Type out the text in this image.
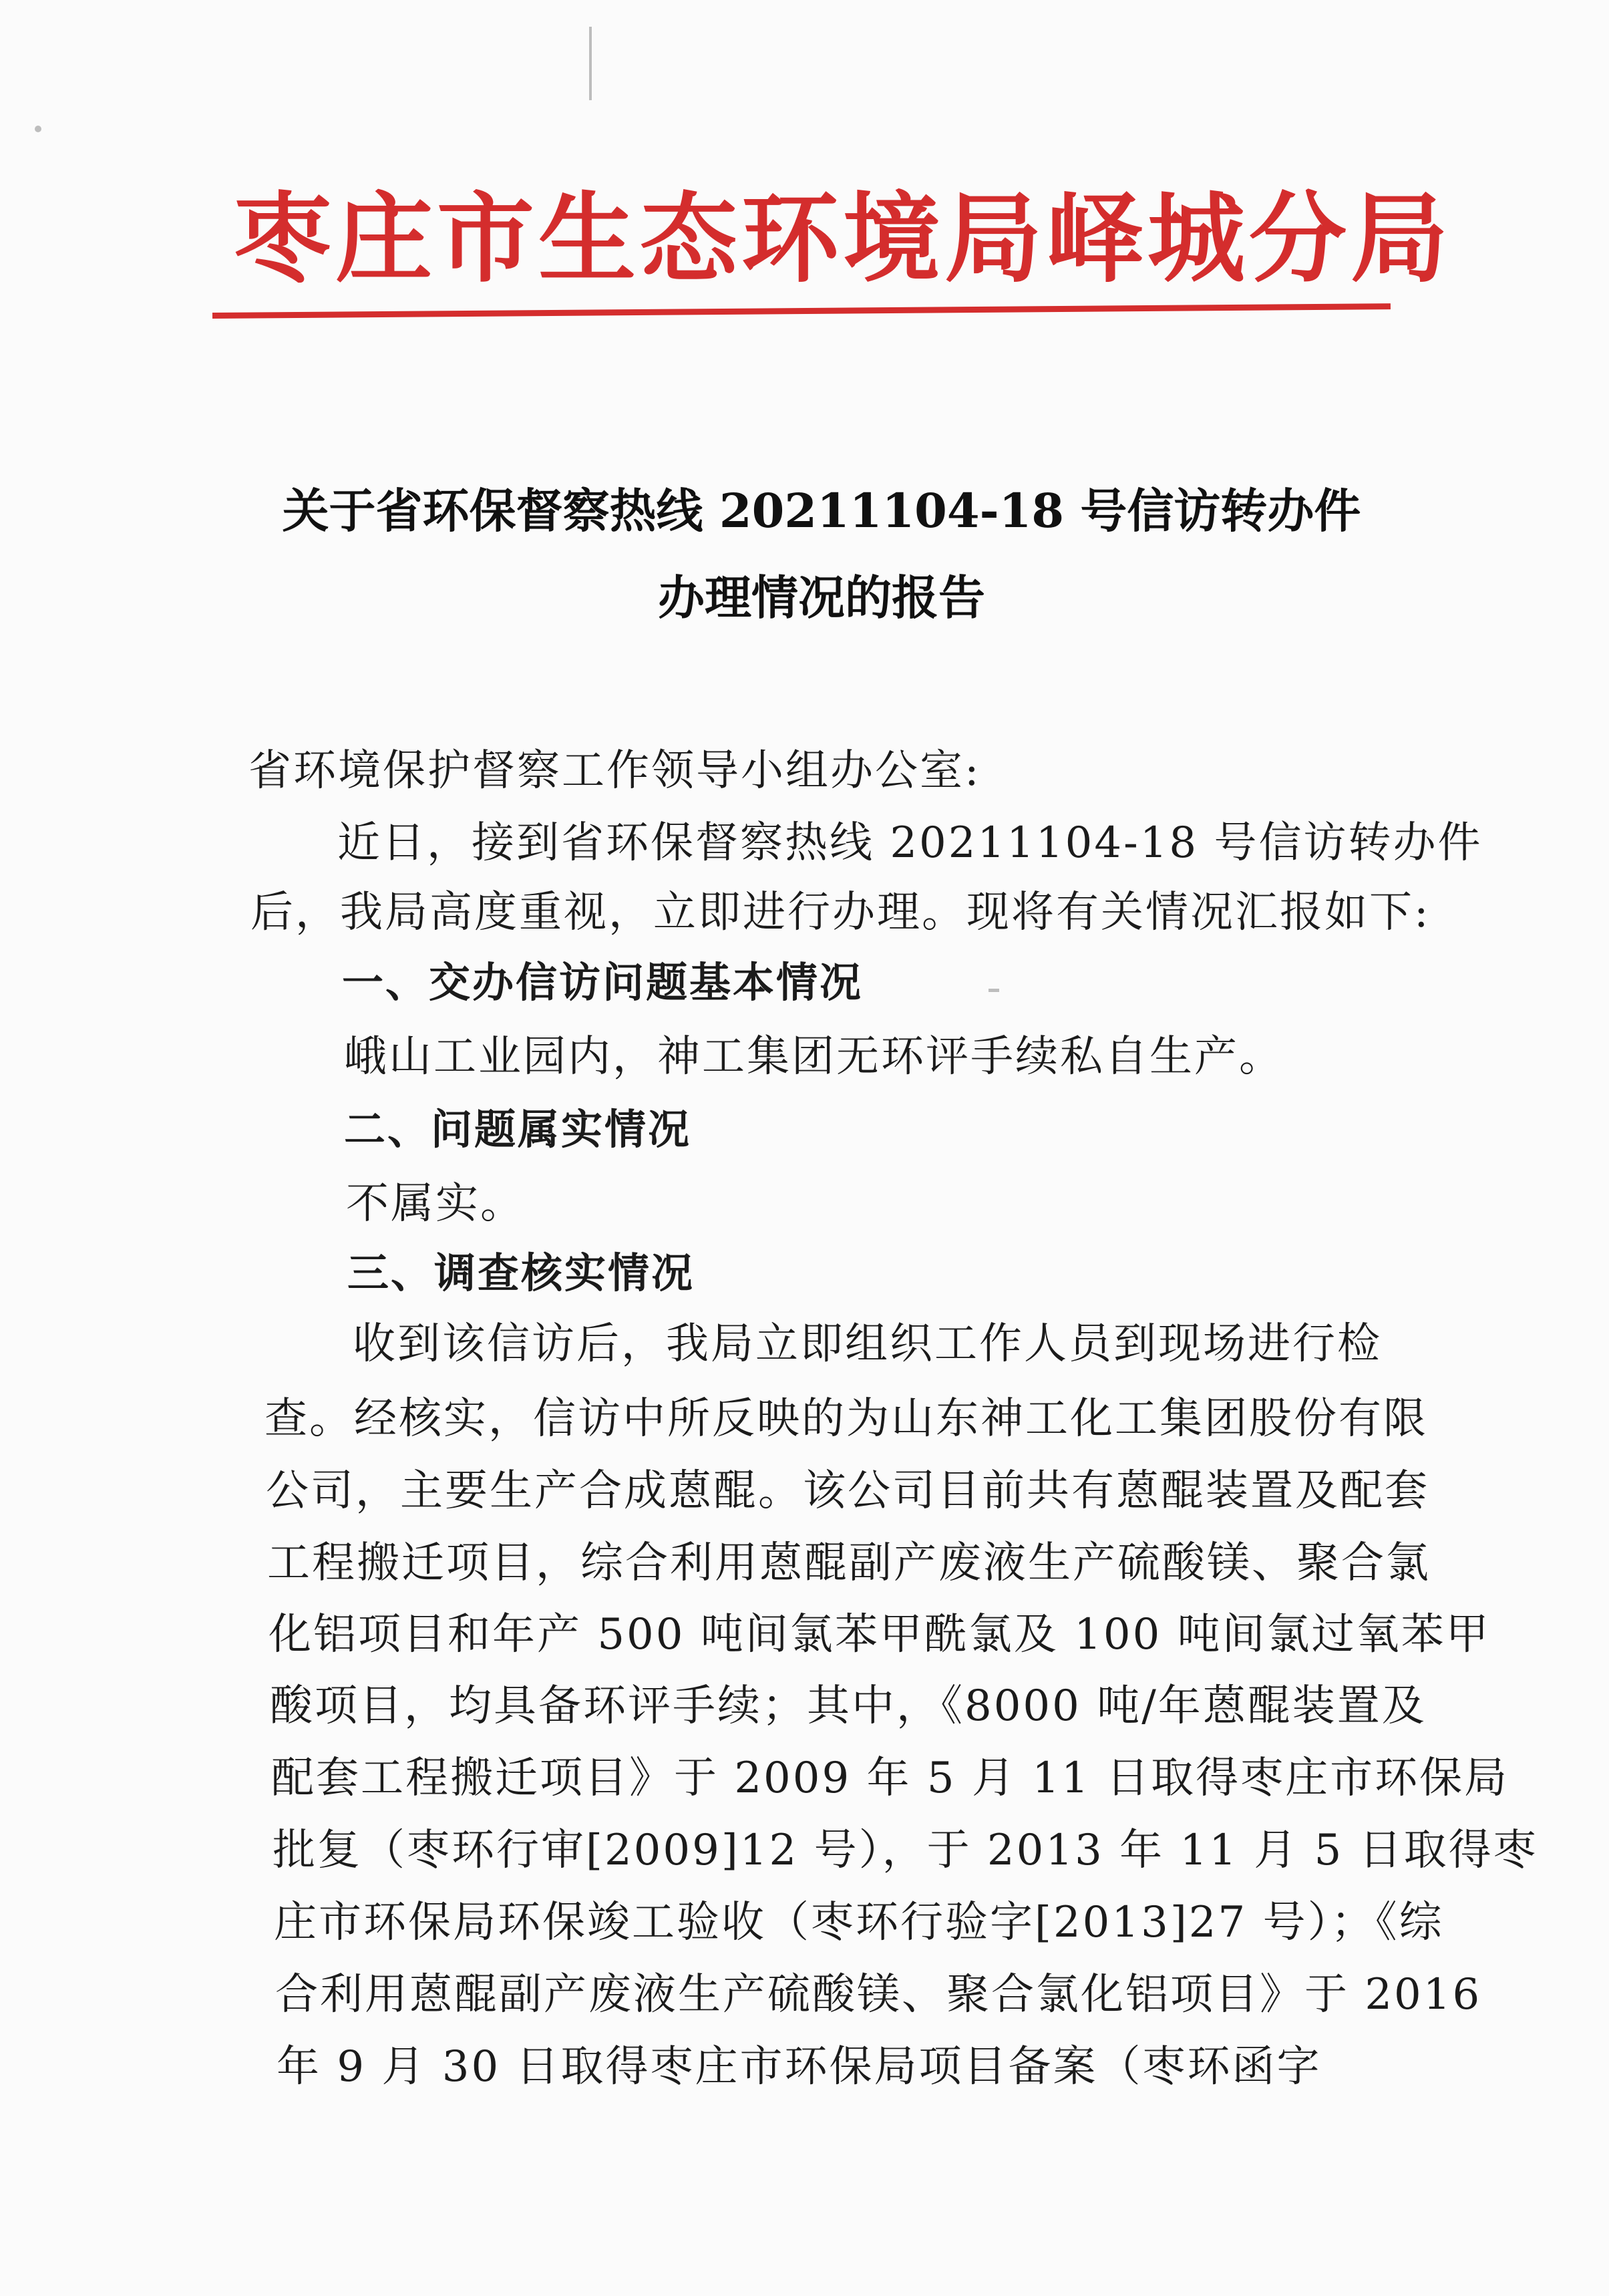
枣庄市生态环境局峄城分局
关于省环保督察热线 20211104-18 号信访转办件
办理情况的报告
省环境保护督察工作领导小组办公室:
近日，接到省环保督察热线 20211104-18 号信访转办件
后，我局高度重视，立即进行办理。现将有关情况汇报如下:
一、交办信访问题基本情况
峨山工业园内，神工集团无环评手续私自生产。
二、问题属实情况
不属实。
三、调查核实情况
收到该信访后，我局立即组织工作人员到现场进行检
查。经核实，信访中所反映的为山东神工化工集团股份有限
公司，主要生产合成蒽醌。该公司目前共有蒽醌装置及配套
工程搬迁项目，综合利用蒽醌副产废液生产硫酸镁、聚合氯
化铝项目和年产 500 吨间氯苯甲酰氯及 100 吨间氯过氧苯甲
酸项目，均具备环评手续；其中，《8000 吨/年蒽醌装置及
配套工程搬迁项目》于 2009 年 5 月 11 日取得枣庄市环保局
批复（枣环行审[2009]12 号），于 2013 年 11 月 5 日取得枣
庄市环保局环保竣工验收（枣环行验字[2013]27 号）；《综
合利用蒽醌副产废液生产硫酸镁、聚合氯化铝项目》于 2016
年 9 月 30 日取得枣庄市环保局项目备案（枣环函字
